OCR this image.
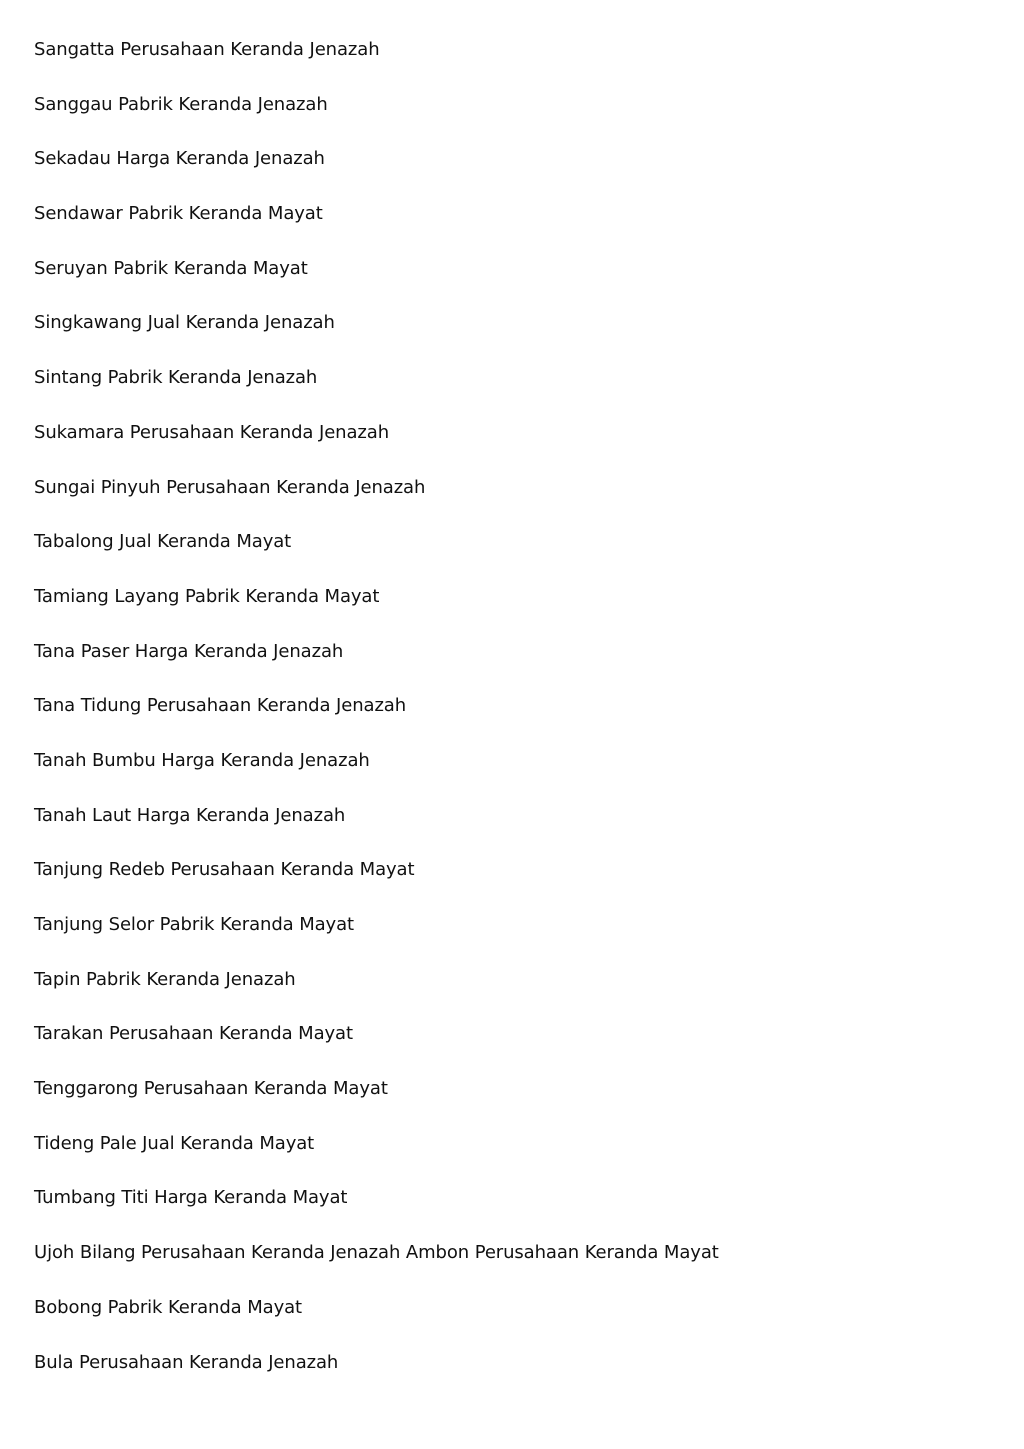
Sangatta Perusahaan Keranda Jenazah
Sanggau Pabrik Keranda Jenazah
Sekadau Harga Keranda Jenazah
Sendawar Pabrik Keranda Mayat
Seruyan Pabrik Keranda Mayat
Singkawang Jual Keranda Jenazah
Sintang Pabrik Keranda Jenazah
Sukamara Perusahaan Keranda Jenazah
Sungai Pinyuh Perusahaan Keranda Jenazah
Tabalong Jual Keranda Mayat
Tamiang Layang Pabrik Keranda Mayat
Tana Paser Harga Keranda Jenazah
Tana Tidung Perusahaan Keranda Jenazah
Tanah Bumbu Harga Keranda Jenazah
Tanah Laut Harga Keranda Jenazah
Tanjung Redeb Perusahaan Keranda Mayat
Tanjung Selor Pabrik Keranda Mayat
Tapin Pabrik Keranda Jenazah
Tarakan Perusahaan Keranda Mayat
Tenggarong Perusahaan Keranda Mayat
Tideng Pale Jual Keranda Mayat
Tumbang Titi Harga Keranda Mayat
Ujoh Bilang Perusahaan Keranda Jenazah Ambon Perusahaan Keranda Mayat
Bobong Pabrik Keranda Mayat
Bula Perusahaan Keranda Jenazah
